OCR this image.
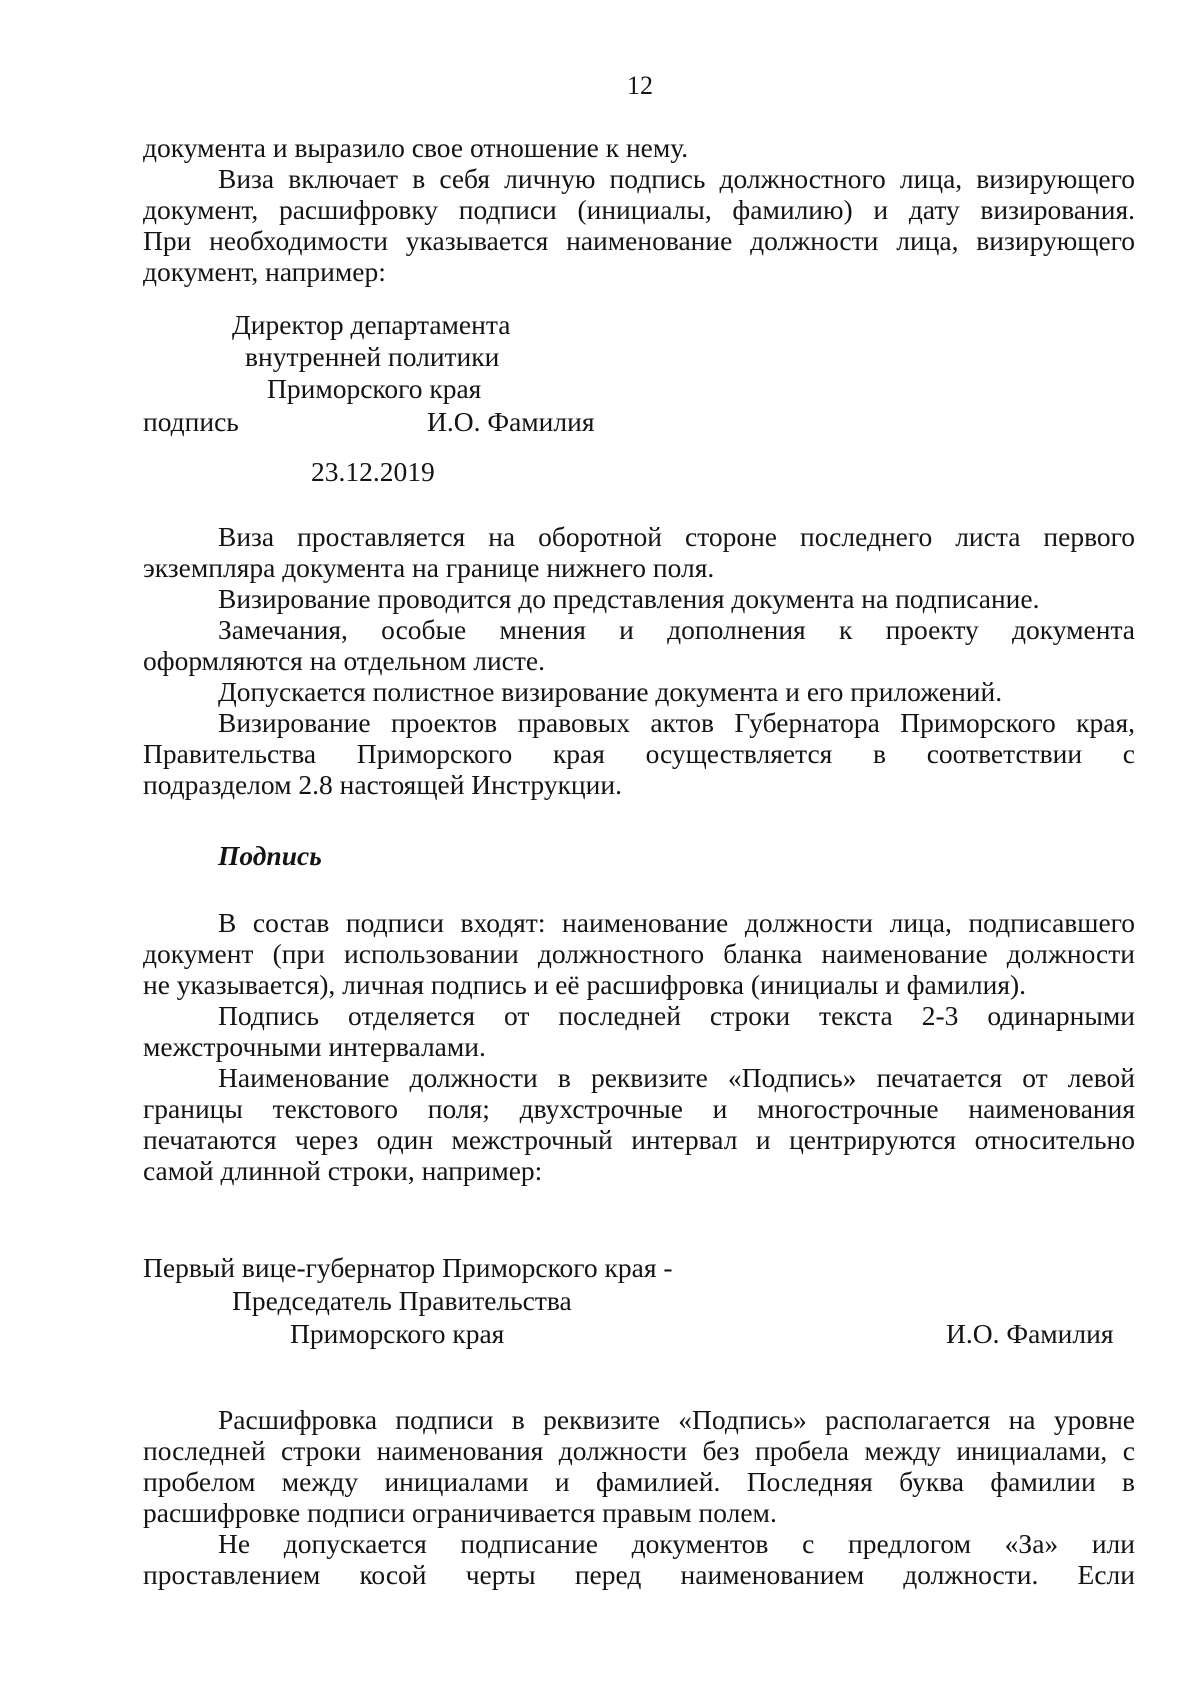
12
документа и выразило свое отношение к нему.
Виза включает в себя личную подпись должностного лица, визирующего
документ, расшифровку подписи (инициалы, фамилию) и дату визирования.
При необходимости указывается наименование должности лица, визирующего
документ, например:
Директор департамента
внутренней политики
Приморского края
подпись	И.О. Фамилия
23.12.2019
Виза проставляется на оборотной стороне последнего листа первого
экземпляра документа на границе нижнего поля.
Визирование проводится до представления документа на подписание.
Замечания, особые мнения и дополнения к проекту документа
оформляются на отдельном листе.
Допускается полистное визирование документа и его приложений.
Визирование проектов правовых актов Губернатора Приморского края,
Правительства Приморского края осуществляется в соответствии с
подразделом 2.8 настоящей Инструкции.
Подпись
В состав подписи входят: наименование должности лица, подписавшего
документ (при использовании должностного бланка наименование должности
не указывается), личная подпись и её расшифровка (инициалы и фамилия).
Подпись отделяется от последней строки текста 2-3 одинарными
межстрочными интервалами.
Наименование должности в реквизите «Подпись» печатается от левой
границы текстового поля; двухстрочные и многострочные наименования
печатаются через один межстрочный интервал и центрируются относительно
самой длинной строки, например:
Первый вице-губернатор Приморского края -
Председатель Правительства
Приморского края	И.О. Фамилия
Расшифровка подписи в реквизите «Подпись» располагается на уровне
последней строки наименования должности без пробела между инициалами, с
пробелом между инициалами и фамилией. Последняя буква фамилии в
расшифровке подписи ограничивается правым полем.
Не допускается подписание документов с предлогом «За» или
проставлением косой черты перед наименованием должности. Если
